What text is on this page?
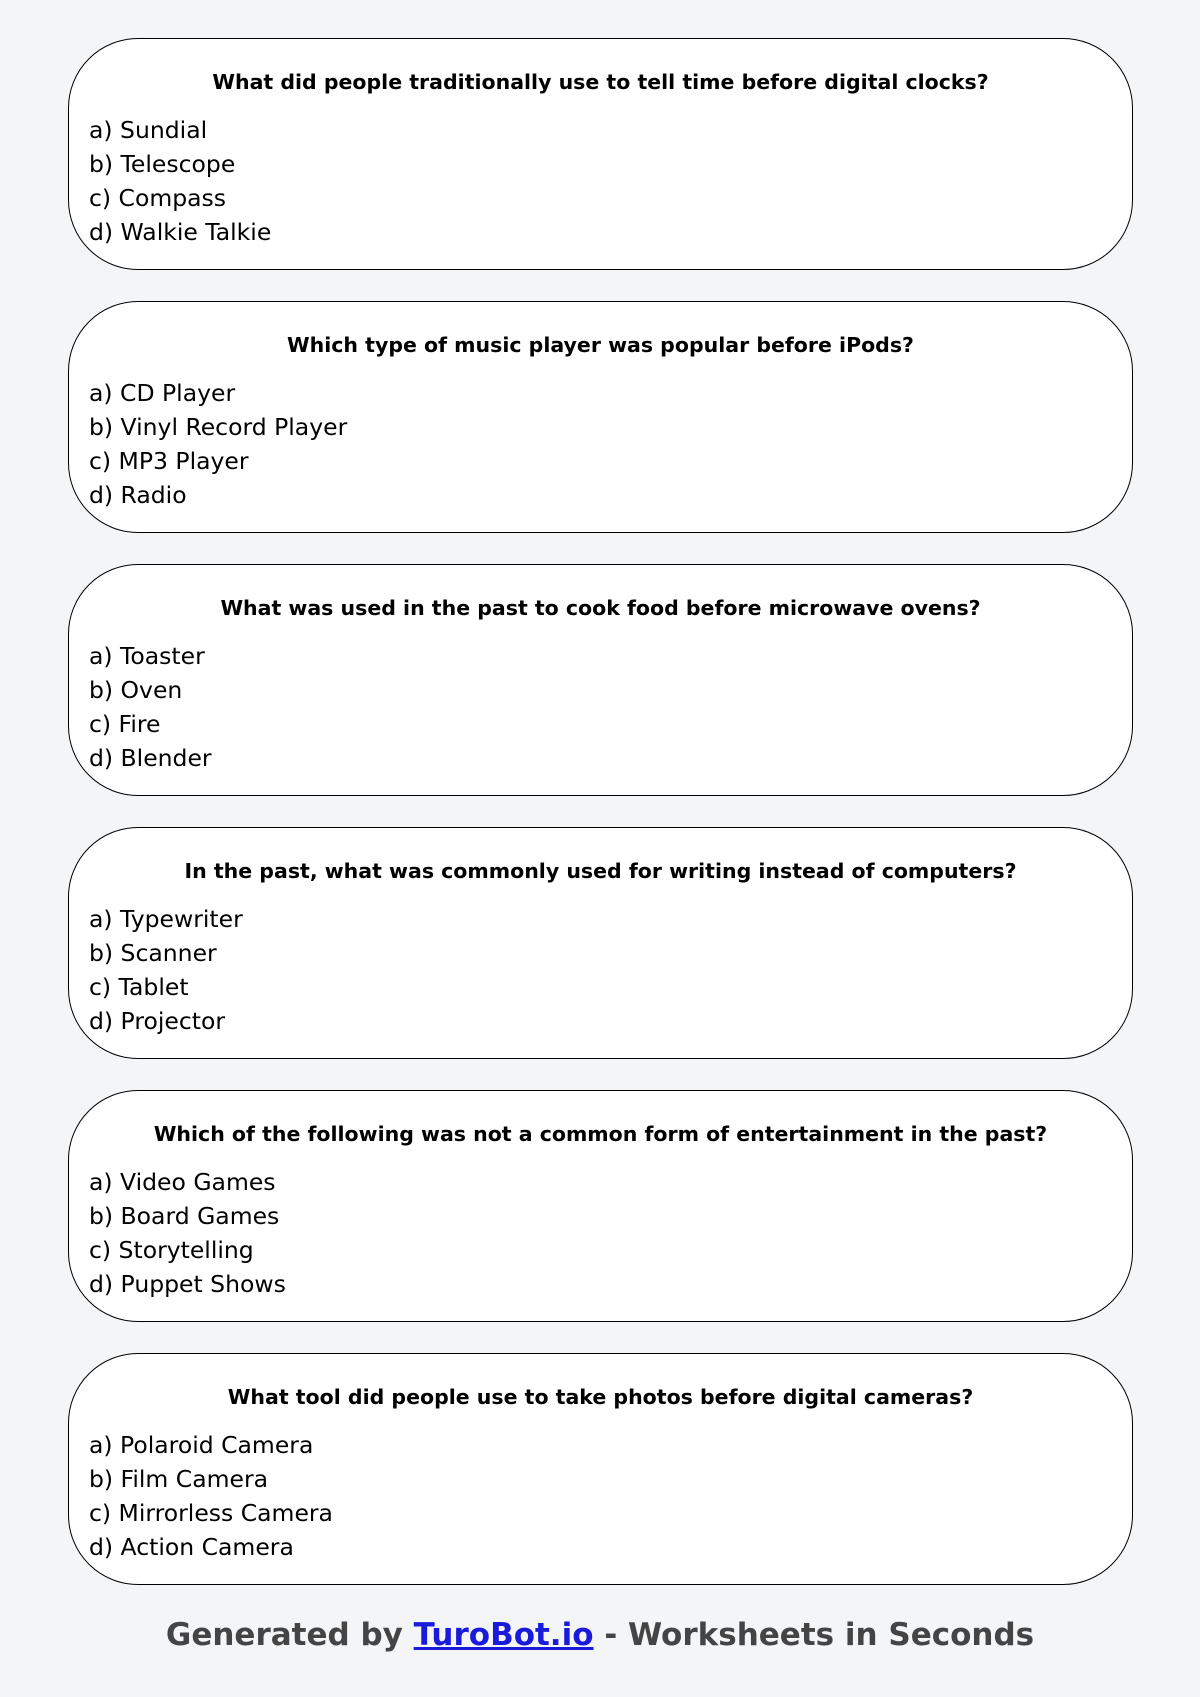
What did people traditionally use to tell time before digital clocks?

a) Sundial
b) Telescope
c) Compass
d) Walkie Talkie

Which type of music player was popular before iPods?

a) CD Player
b) Vinyl Record Player
c) MP3 Player
d) Radio

What was used in the past to cook food before microwave ovens?

a) Toaster
b) Oven
c) Fire
d) Blender

In the past, what was commonly used for writing instead of computers?

a) Typewriter
b) Scanner
c) Tablet
d) Projector

Which of the following was not a common form of entertainment in the past?

a) Video Games
b) Board Games
c) Storytelling
d) Puppet Shows

What tool did people use to take photos before digital cameras?

a) Polaroid Camera
b) Film Camera
c) Mirrorless Camera
d) Action Camera
Generated by TuroBot.io - Worksheets in Seconds
